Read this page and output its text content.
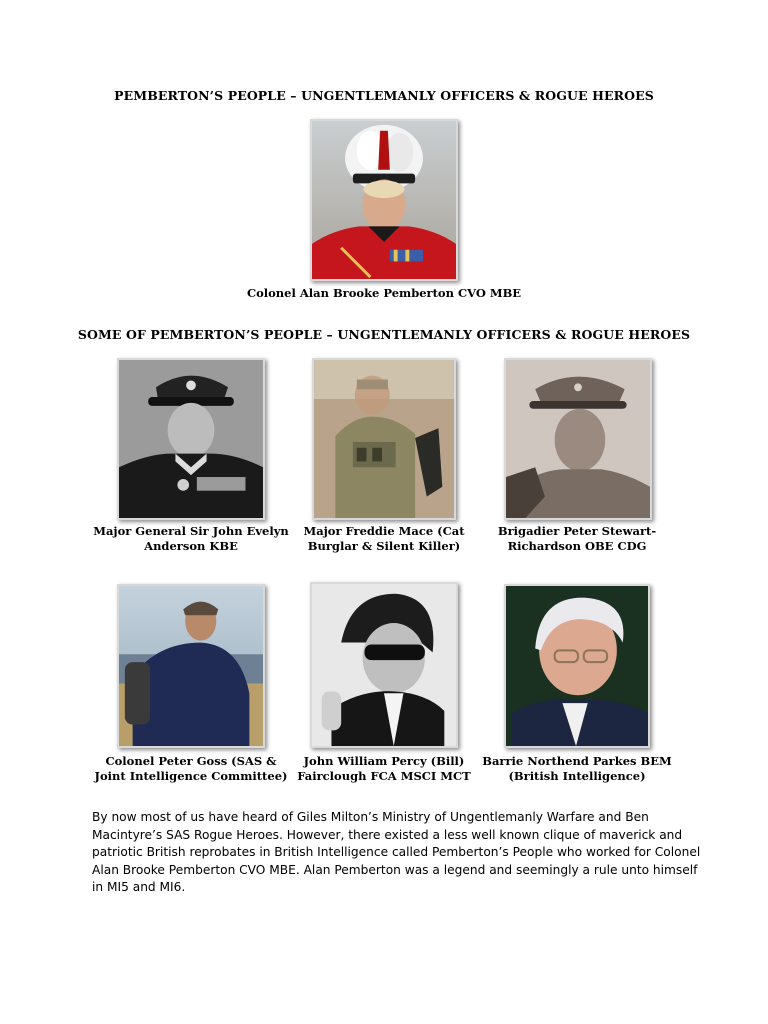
PEMBERTON’S PEOPLE – UNGENTLEMANLY OFFICERS & ROGUE HEROES
Colonel Alan Brooke Pemberton CVO MBE
SOME OF PEMBERTON’S PEOPLE – UNGENTLEMANLY OFFICERS & ROGUE HEROES
Major General Sir John Evelyn
Anderson KBE
Major Freddie Mace (Cat
Burglar & Silent Killer)
Brigadier Peter Stewart-
Richardson OBE CDG
Colonel Peter Goss (SAS &
Joint Intelligence Committee)
John William Percy (Bill)
Fairclough FCA MSCI MCT
Barrie Northend Parkes BEM
(British Intelligence)
By now most of us have heard of Giles Milton’s Ministry of Ungentlemanly Warfare and Ben
Macintyre’s SAS Rogue Heroes. However, there existed a less well known clique of maverick and
patriotic British reprobates in British Intelligence called Pemberton’s People who worked for Colonel
Alan Brooke Pemberton CVO MBE. Alan Pemberton was a legend and seemingly a rule unto himself
in MI5 and MI6.
